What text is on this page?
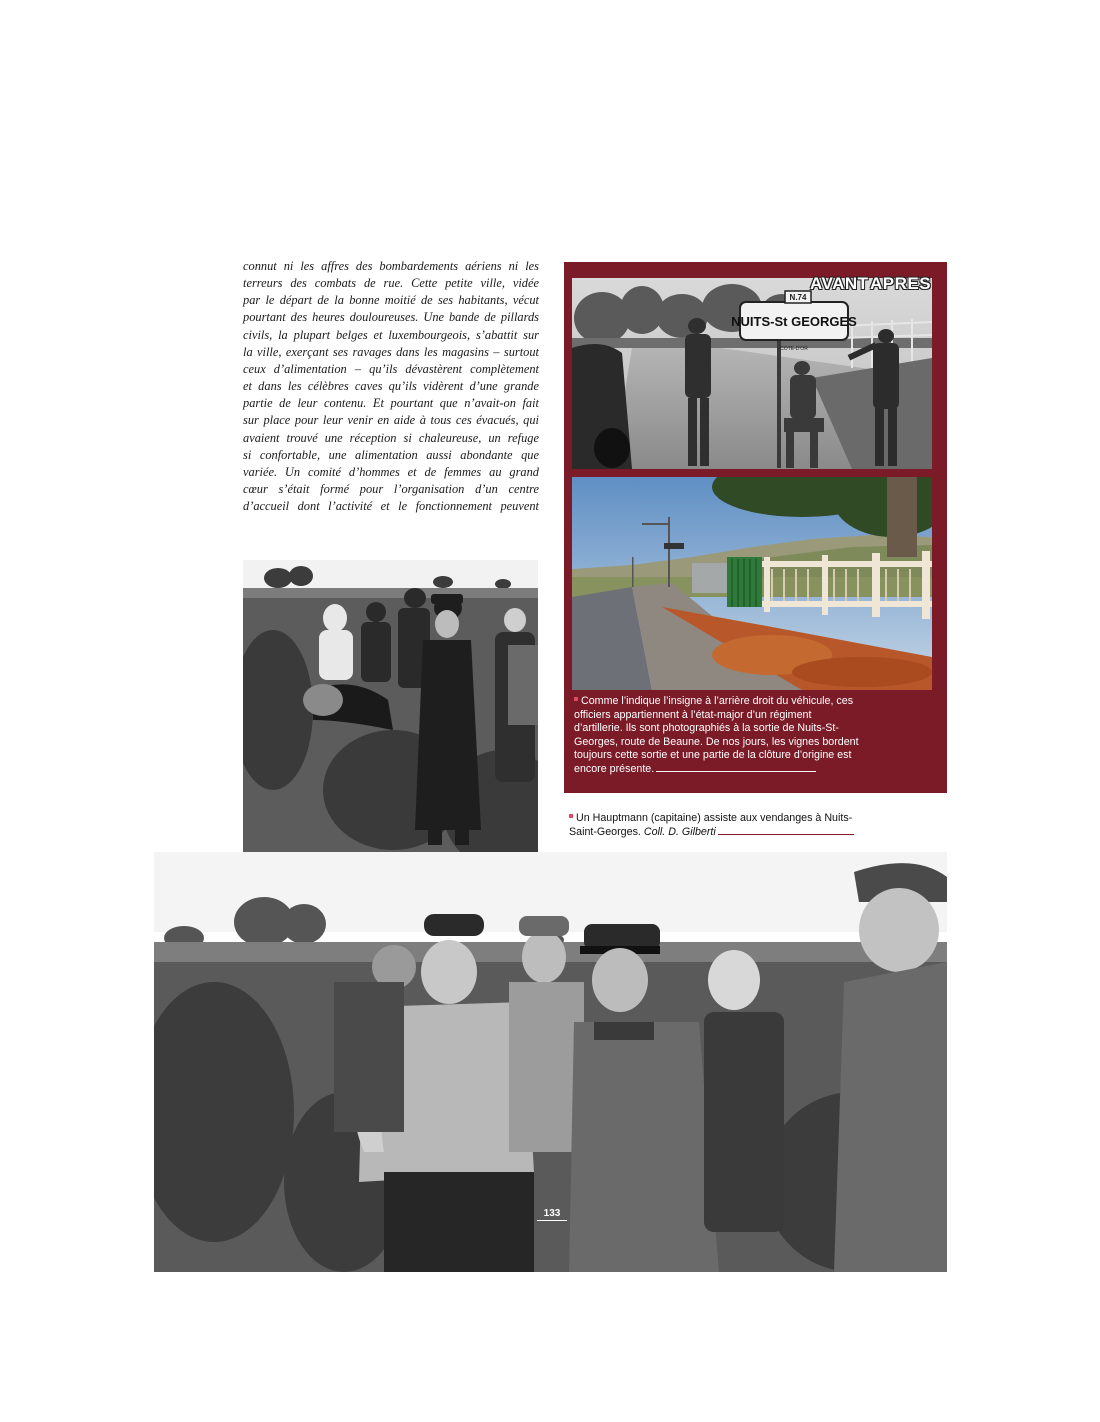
connut ni les affres des bombardements aériens ni les
terreurs des combats de rue. Cette petite ville, vidée
par le départ de la bonne moitié de ses habitants, vécut
pourtant des heures douloureuses. Une bande de pillards
civils, la plupart belges et luxembourgeois, s’abattit sur
la ville, exerçant ses ravages dans les magasins – surtout
ceux d’alimentation – qu’ils dévastèrent complètement
et dans les célèbres caves qu’ils vidèrent d’une grande
partie de leur contenu. Et pourtant que n’avait-on fait
sur place pour leur venir en aide à tous ces évacués, qui
avaient trouvé une réception si chaleureuse, un refuge
si confortable, une alimentation aussi abondante que
variée. Un comité d’hommes et de femmes au grand
cœur s’était formé pour l’organisation d’un centre
d’accueil dont l’activité et le fonctionnement peuvent
N.74
NUITS-St GEORGES
COTE-D'OR
AVANT APRES
Comme l’indique l’insigne à l’arrière droit du véhicule, ces officiers appartiennent à l’état-major d’un régiment d’artillerie. Ils sont photographiés à la sortie de Nuits-St-Georges, route de Beaune. De nos jours, les vignes bordent toujours cette sortie et une partie de la clôture d’origine est encore présente.
Un Hauptmann (capitaine) assiste aux vendanges à Nuits-Saint-Georges. Coll. D. Gilberti
133
